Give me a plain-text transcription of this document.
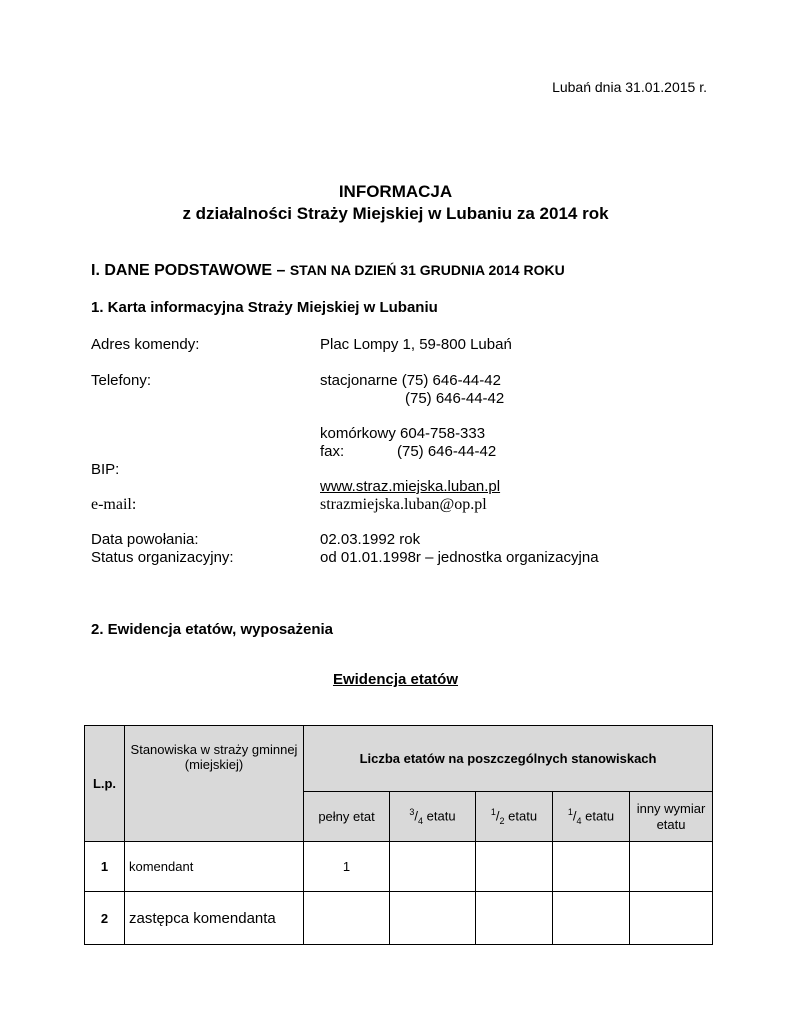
Lubań dnia 31.01.2015 r.
INFORMACJA
z działalności Straży Miejskiej w Lubaniu za 2014 rok
I. DANE PODSTAWOWE – STAN NA DZIEŃ 31 GRUDNIA 2014 ROKU
1. Karta informacyjna Straży Miejskiej w Lubaniu
Adres komendy:	Plac Lompy 1, 59-800 Lubań
Telefony:	stacjonarne (75) 646-44-42
(75) 646-44-42
komórkowy 604-758-333
fax:	(75) 646-44-42
BIP:
www.straz.miejska.luban.pl
e-mail:	strazmiejska.luban@op.pl
Data powołania:	02.03.1992 rok
Status organizacyjny:	od 01.01.1998r – jednostka organizacyjna
2. Ewidencja etatów, wyposażenia
Ewidencja etatów
L.p.	Stanowiska w straży gminnej (miejskiej)	Liczba etatów na poszczególnych stanowiskach				
		pełny etat	$^3/_4$ etatu	$^1/_2$ etatu	$^1/_4$ etatu	inny wymiar etatu
1	komendant	1				
2	zastępca komendanta					
